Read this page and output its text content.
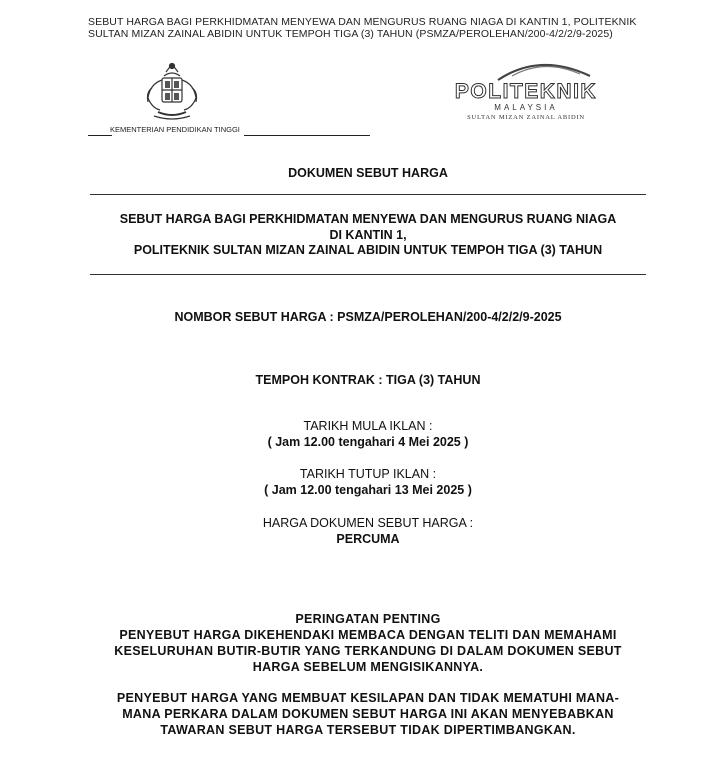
SEBUT HARGA BAGI PERKHIDMATAN MENYEWA DAN MENGURUS RUANG NIAGA DI KANTIN 1, POLITEKNIK
SULTAN MIZAN ZAINAL ABIDIN UNTUK TEMPOH TIGA (3) TAHUN (PSMZA/PEROLEHAN/200-4/2/2/9-2025)
KEMENTERIAN PENDIDIKAN TINGGI
POLITEKNIK
MALAYSIA
SULTAN MIZAN ZAINAL ABIDIN
DOKUMEN SEBUT HARGA
SEBUT HARGA BAGI PERKHIDMATAN MENYEWA DAN MENGURUS RUANG NIAGA
DI KANTIN 1,
POLITEKNIK SULTAN MIZAN ZAINAL ABIDIN UNTUK TEMPOH TIGA (3) TAHUN
NOMBOR SEBUT HARGA : PSMZA/PEROLEHAN/200-4/2/2/9-2025
TEMPOH KONTRAK : TIGA (3) TAHUN
TARIKH MULA IKLAN :
( Jam 12.00 tengahari 4 Mei 2025 )
TARIKH TUTUP IKLAN :
( Jam 12.00 tengahari 13 Mei 2025 )
HARGA DOKUMEN SEBUT HARGA :
PERCUMA
PERINGATAN PENTING
PENYEBUT HARGA DIKEHENDAKI MEMBACA DENGAN TELITI DAN MEMAHAMI
KESELURUHAN BUTIR-BUTIR YANG TERKANDUNG DI DALAM DOKUMEN SEBUT
HARGA SEBELUM MENGISIKANNYA.
PENYEBUT HARGA YANG MEMBUAT KESILAPAN DAN TIDAK MEMATUHI MANA-
MANA PERKARA DALAM DOKUMEN SEBUT HARGA INI AKAN MENYEBABKAN
TAWARAN SEBUT HARGA TERSEBUT TIDAK DIPERTIMBANGKAN.
